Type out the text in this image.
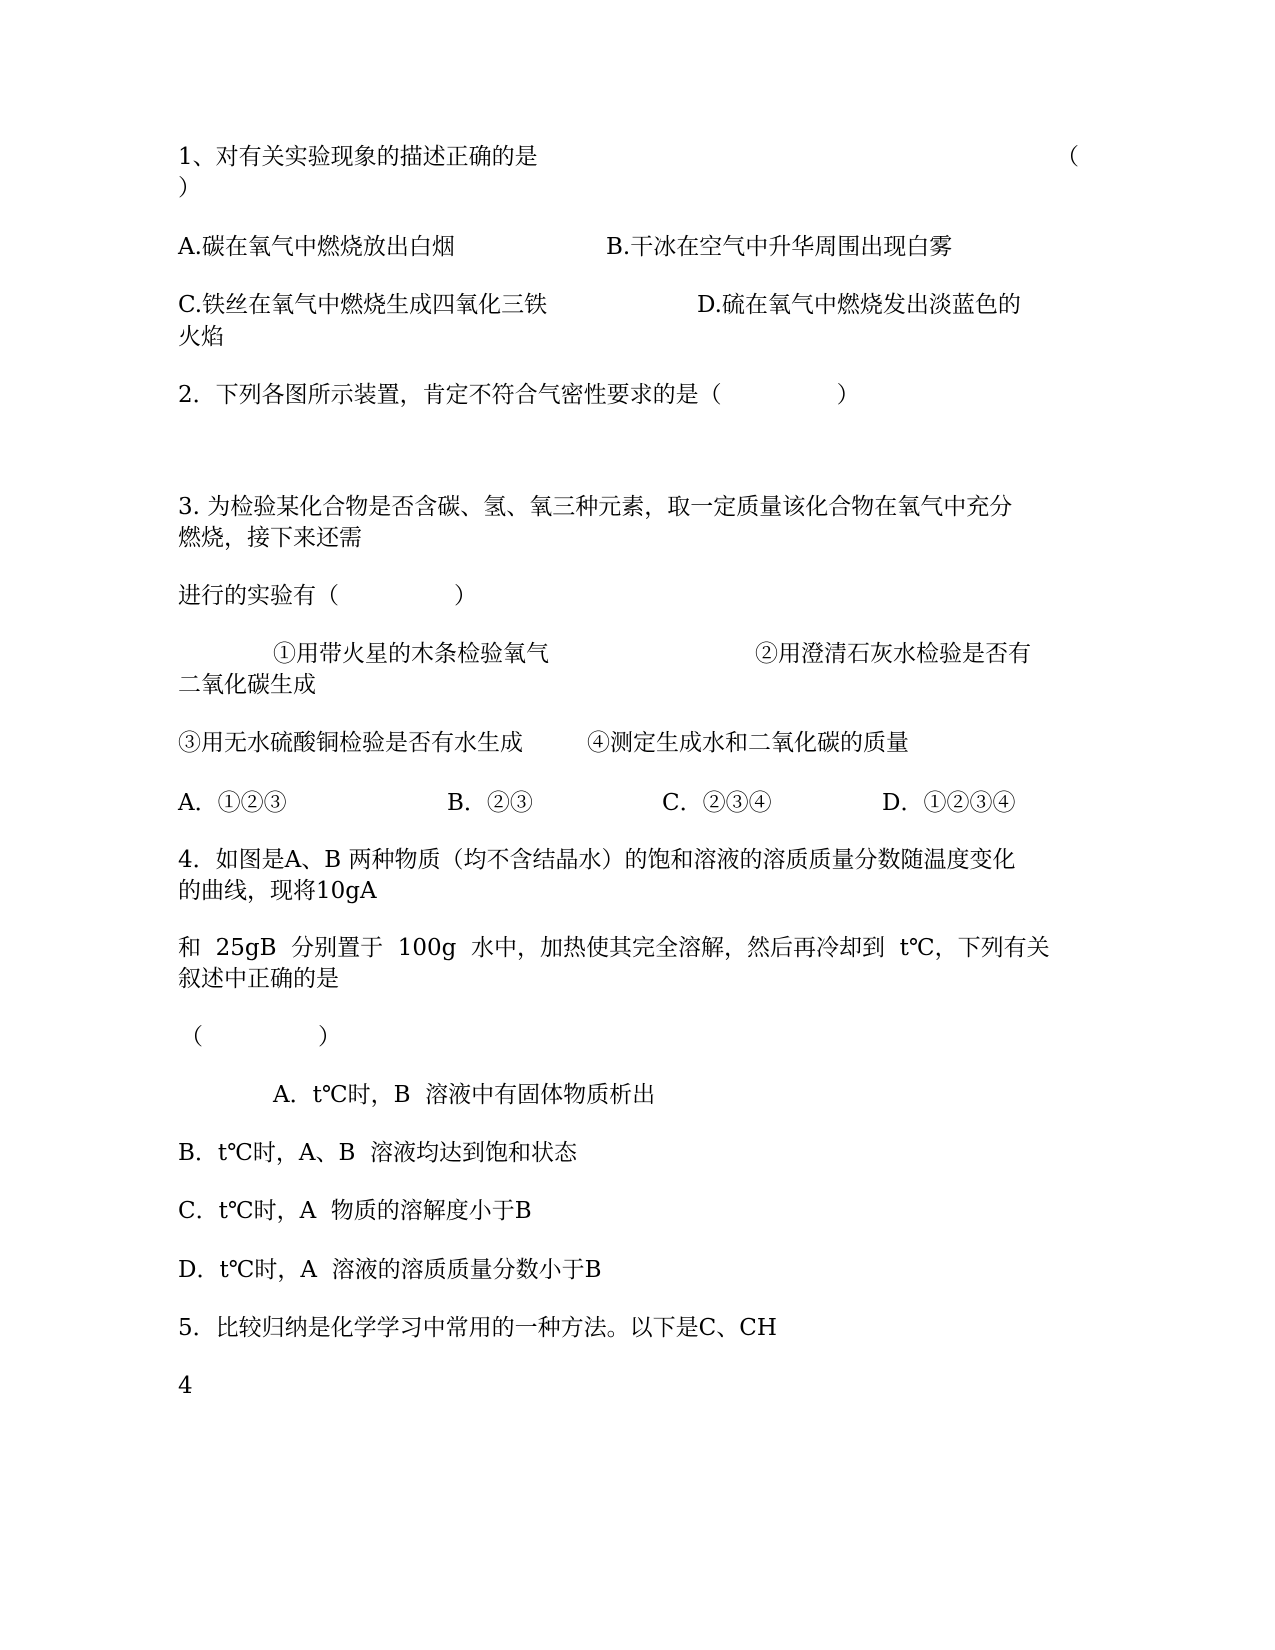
1、对有关实验现象的描述正确的是	（
）
A.碳在氧气中燃烧放出白烟	B.干冰在空气中升华周围出现白雾
C.铁丝在氧气中燃烧生成四氧化三铁	D.硫在氧气中燃烧发出淡蓝色的
火焰
2．下列各图所示装置，肯定不符合气密性要求的是（　　　　　）
3. 为检验某化合物是否含碳、氢、氧三种元素，取一定质量该化合物在氧气中充分
燃烧，接下来还需
进行的实验有（　　　　　）
①用带火星的木条检验氧气	②用澄清石灰水检验是否有
二氧化碳生成
③用无水硫酸铜检验是否有水生成	④测定生成水和二氧化碳的质量
A．①②③	B．②③	C．②③④	D．①②③④
4．如图是A、B 两种物质（均不含结晶水）的饱和溶液的溶质质量分数随温度变化
的曲线，现将10gA
和  25gB  分别置于  100g  水中，加热使其完全溶解，然后再冷却到  t℃，下列有关
叙述中正确的是
（　　　　　）
A．t℃时，B  溶液中有固体物质析出
B．t℃时，A、B  溶液均达到饱和状态
C．t℃时，A  物质的溶解度小于B
D．t℃时，A  溶液的溶质质量分数小于B
5．比较归纳是化学学习中常用的一种方法。以下是C、CH
4
